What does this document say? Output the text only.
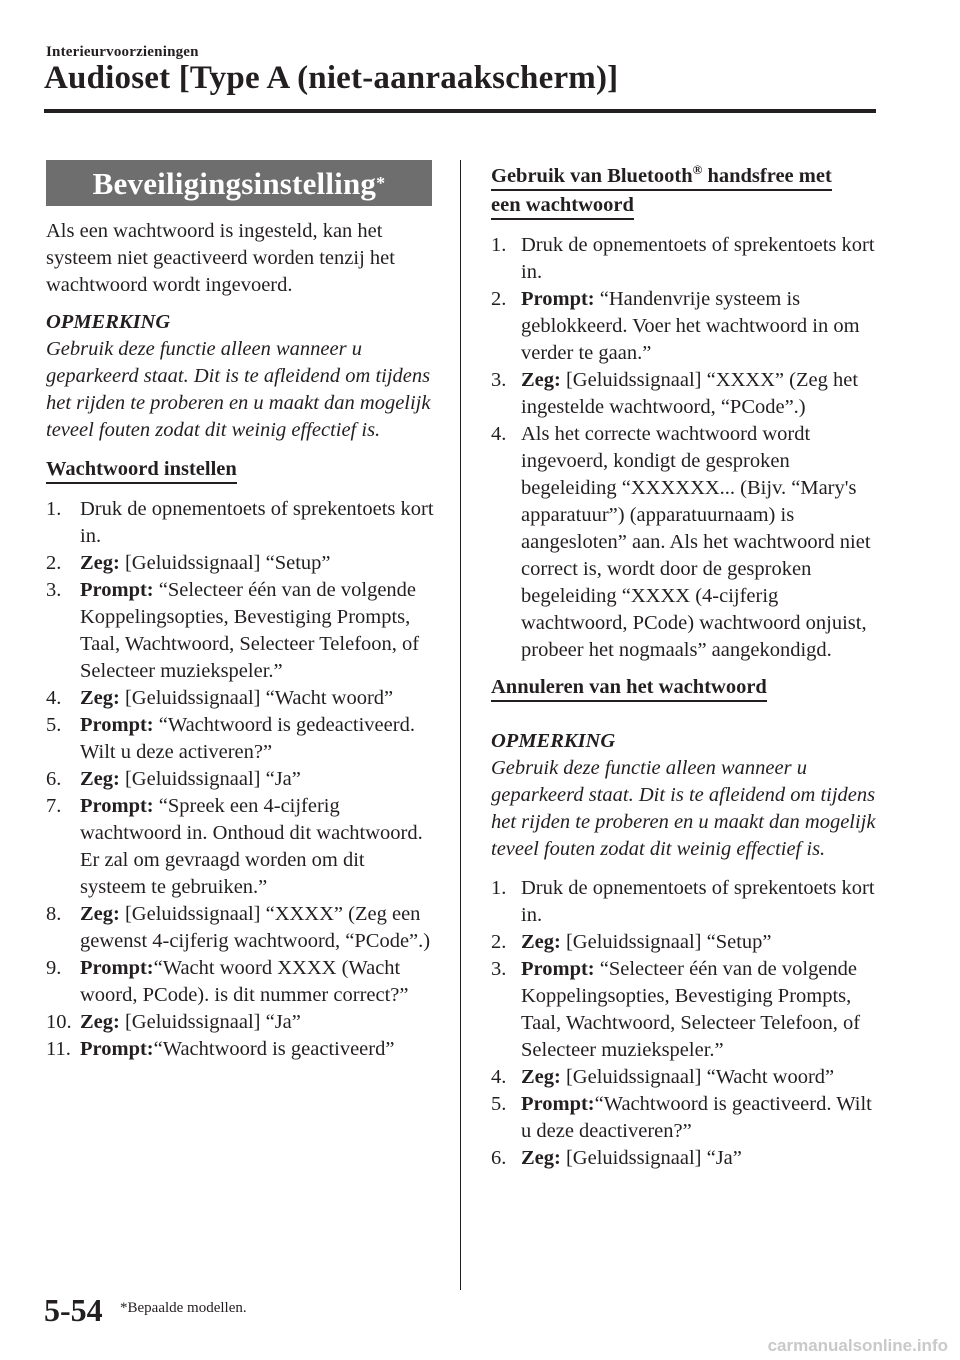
Interieurvoorzieningen
Audioset [Type A (niet-aanraakscherm)]
Beveiligingsinstelling *

Als een wachtwoord is ingesteld, kan het systeem niet geactiveerd worden tenzij het wachtwoord wordt ingevoerd.

OPMERKING

Gebruik deze functie alleen wanneer u geparkeerd staat. Dit is te afleidend om tijdens het rijden te proberen en u maakt dan mogelijk teveel fouten zodat dit weinig effectief is.

Wachtwoord instellen
1. Druk de opnementoets of sprekentoets kort in.
2. Zeg: [Geluidssignaal] “Setup”
3. Prompt: “Selecteer één van de volgende Koppelingsopties, Bevestiging Prompts, Taal, Wachtwoord, Selecteer Telefoon, of Selecteer muziekspeler.”
4. Zeg: [Geluidssignaal] “Wacht woord”
5. Prompt: “Wachtwoord is gedeactiveerd. Wilt u deze activeren?”
6. Zeg: [Geluidssignaal] “Ja”
7. Prompt: “Spreek een 4-cijferig wachtwoord in. Onthoud dit wachtwoord. Er zal om gevraagd worden om dit systeem te gebruiken.”
8. Zeg: [Geluidssignaal] “XXXX” (Zeg een gewenst 4-cijferig wachtwoord, “PCode”.)
9. Prompt:“Wacht woord XXXX (Wacht woord, PCode). is dit nummer correct?”
10. Zeg: [Geluidssignaal] “Ja”
11. Prompt:“Wachtwoord is geactiveerd”
Gebruik van Bluetooth® handsfree met
een wachtwoord
1. Druk de opnementoets of sprekentoets kort in.
2. Prompt: “Handenvrije systeem is geblokkeerd. Voer het wachtwoord in om verder te gaan.”
3. Zeg: [Geluidssignaal] “XXXX” (Zeg het ingestelde wachtwoord, “PCode”.)
4. Als het correcte wachtwoord wordt ingevoerd, kondigt de gesproken begeleiding “XXXXXX... (Bijv. “Mary's apparatuur”) (apparatuurnaam) is aangesloten” aan. Als het wachtwoord niet correct is, wordt door de gesproken begeleiding “XXXX (4-cijferig wachtwoord, PCode) wachtwoord onjuist, probeer het nogmaals” aangekondigd.
Annuleren van het wachtwoord

OPMERKING

Gebruik deze functie alleen wanneer u geparkeerd staat. Dit is te afleidend om tijdens het rijden te proberen en u maakt dan mogelijk teveel fouten zodat dit weinig effectief is.

1. Druk de opnementoets of sprekentoets kort in.
2. Zeg: [Geluidssignaal] “Setup”
3. Prompt: “Selecteer één van de volgende Koppelingsopties, Bevestiging Prompts, Taal, Wachtwoord, Selecteer Telefoon, of Selecteer muziekspeler.”
4. Zeg: [Geluidssignaal] “Wacht woord”
5. Prompt:“Wachtwoord is geactiveerd. Wilt u deze deactiveren?”
6. Zeg: [Geluidssignaal] “Ja”
5-54 *Bepaalde modellen.
carmanualsonline.info
